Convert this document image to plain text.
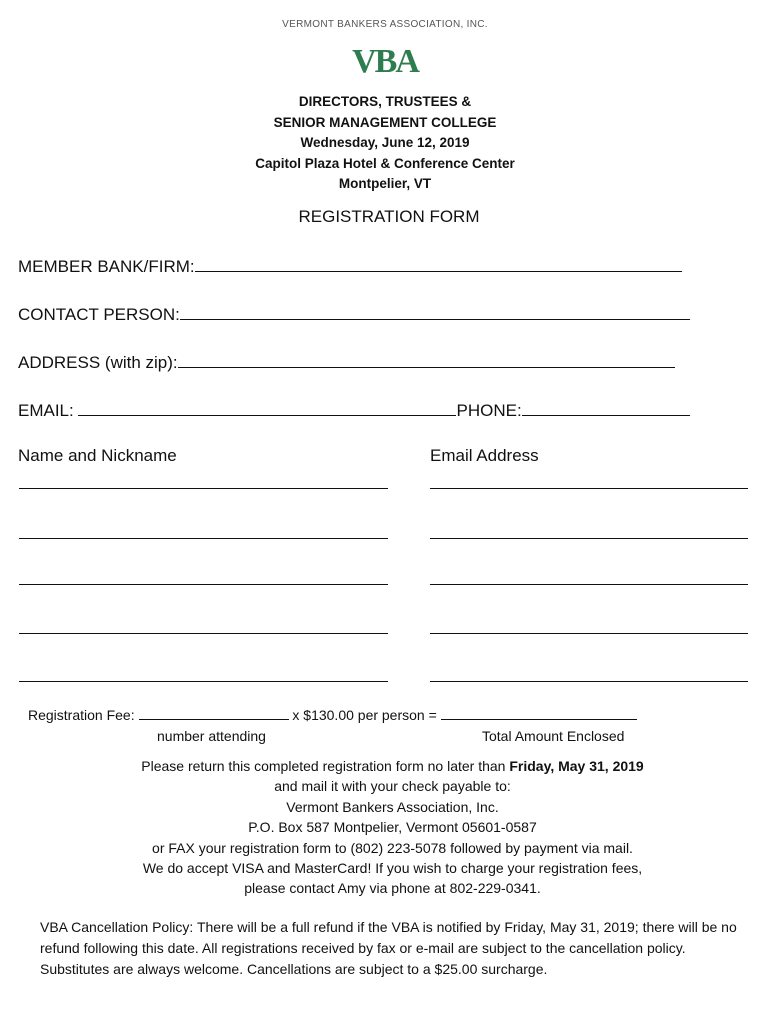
VERMONT BANKERS ASSOCIATION, INC.
VBA
DIRECTORS, TRUSTEES &
SENIOR MANAGEMENT COLLEGE
Wednesday, June 12, 2019
Capitol Plaza Hotel & Conference Center
Montpelier, VT
REGISTRATION FORM
MEMBER BANK/FIRM:
CONTACT PERSON:
ADDRESS (with zip):
EMAIL:	PHONE:
Name and Nickname	Email Address
Registration Fee:	x $130.00 per person =
number attending	Total Amount Enclosed
Please return this completed registration form no later than Friday, May 31, 2019
and mail it with your check payable to:
Vermont Bankers Association, Inc.
P.O. Box 587 Montpelier, Vermont 05601-0587
or FAX your registration form to (802) 223-5078 followed by payment via mail.
We do accept VISA and MasterCard! If you wish to charge your registration fees,
please contact Amy via phone at 802-229-0341.
VBA Cancellation Policy: There will be a full refund if the VBA is notified by Friday, May 31, 2019; there will be no refund following this date. All registrations received by fax or e-mail are subject to the cancellation policy. Substitutes are always welcome. Cancellations are subject to a $25.00 surcharge.
